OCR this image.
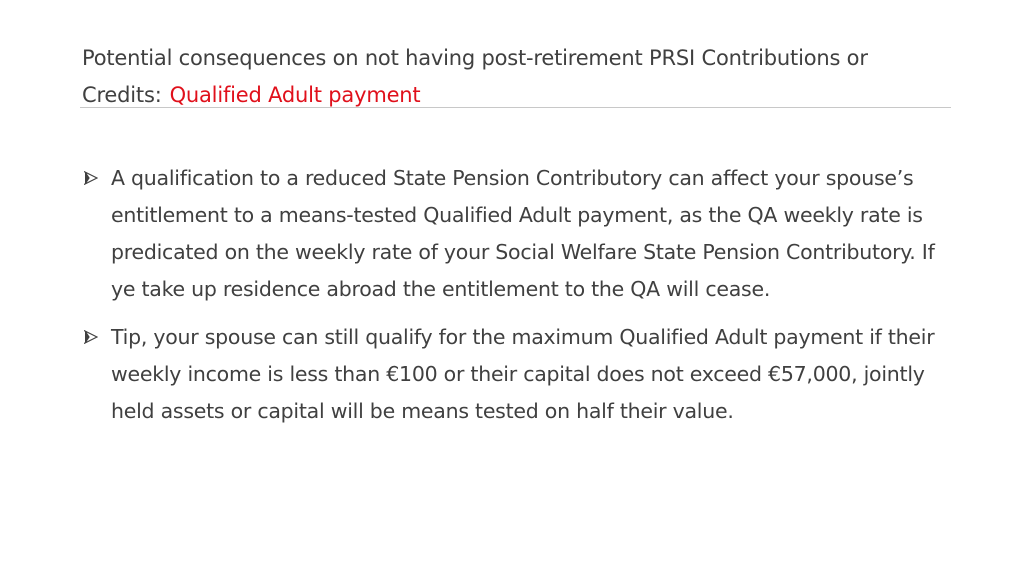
Potential consequences on not having post-retirement PRSI Contributions or Credits: Qualified Adult payment
A qualification to a reduced State Pension Contributory can affect your spouse’s entitlement to a means-tested Qualified Adult payment, as the QA weekly rate is predicated on the weekly rate of your Social Welfare State Pension Contributory. If ye take up residence abroad the entitlement to the QA will cease.
Tip, your spouse can still qualify for the maximum Qualified Adult payment if their weekly income is less than €100 or their capital does not exceed €57,000, jointly held assets or capital will be means tested on half their value.
